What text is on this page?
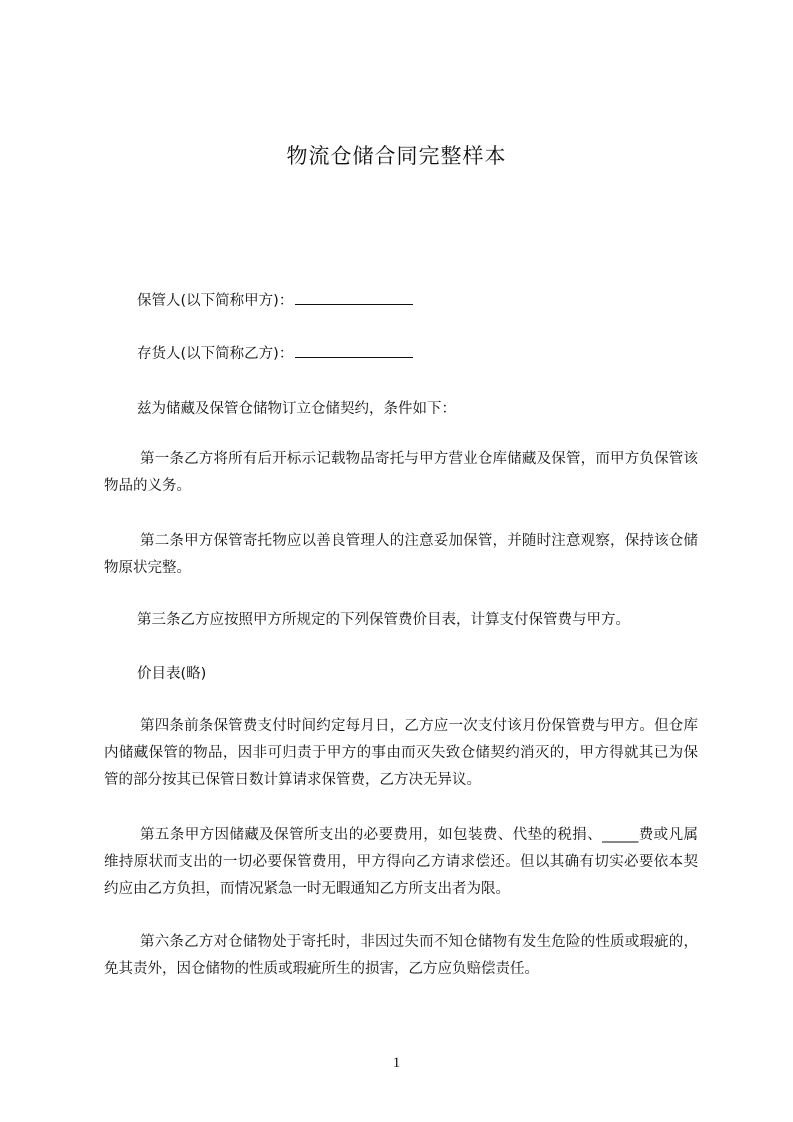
物流仓储合同完整样本

保管人(以下简称甲方)：

存货人(以下简称乙方)：

兹为储藏及保管仓储物订立仓储契约，条件如下：

第一条乙方将所有后开标示记载物品寄托与甲方营业仓库储藏及保管，而甲方负保管该物品的义务。

第二条甲方保管寄托物应以善良管理人的注意妥加保管，并随时注意观察，保持该仓储物原状完整。

第三条乙方应按照甲方所规定的下列保管费价目表，计算支付保管费与甲方。

价目表(略)

第四条前条保管费支付时间约定每月日，乙方应一次支付该月份保管费与甲方。但仓库内储藏保管的物品，因非可归责于甲方的事由而灭失致仓储契约消灭的，甲方得就其已为保管的部分按其已保管日数计算请求保管费，乙方决无异议。

第五条甲方因储藏及保管所支出的必要费用，如包装费、代垫的税捐、_____费或凡属维持原状而支出的一切必要保管费用，甲方得向乙方请求偿还。但以其确有切实必要依本契约应由乙方负担，而情况紧急一时无暇通知乙方所支出者为限。

第六条乙方对仓储物处于寄托时，非因过失而不知仓储物有发生危险的性质或瑕疵的，免其责外，因仓储物的性质或瑕疵所生的损害，乙方应负赔偿责任。

1
